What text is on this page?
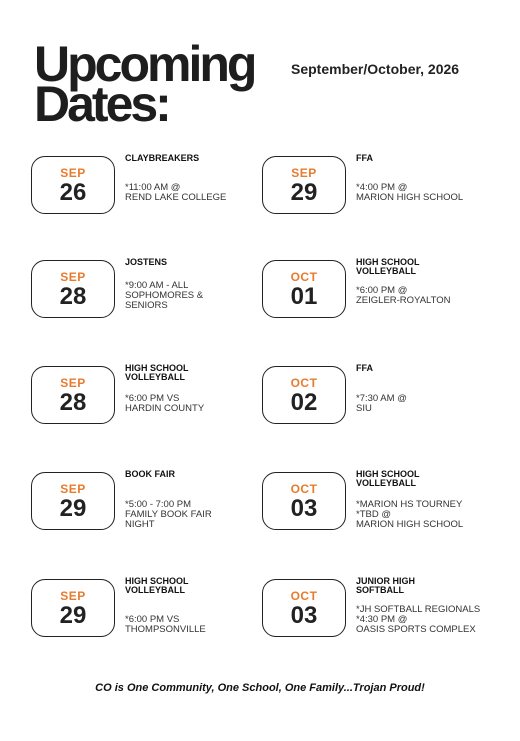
Upcoming
Dates:
September/October, 2026
SEP
26
CLAYBREAKERS
*11:00 AM @
REND LAKE COLLEGE
SEP
29
FFA
*4:00 PM @
MARION HIGH SCHOOL
SEP
28
JOSTENS
*9:00 AM - ALL
SOPHOMORES &
SENIORS
OCT
01
HIGH SCHOOL
VOLLEYBALL
*6:00 PM @
ZEIGLER-ROYALTON
SEP
28
HIGH SCHOOL
VOLLEYBALL
*6:00 PM VS
HARDIN COUNTY
OCT
02
FFA
*7:30 AM @
SIU
SEP
29
BOOK FAIR
*5:00 - 7:00 PM
FAMILY BOOK FAIR
NIGHT
OCT
03
HIGH SCHOOL
VOLLEYBALL
*MARION HS TOURNEY
*TBD @
MARION HIGH SCHOOL
SEP
29
HIGH SCHOOL
VOLLEYBALL
*6:00 PM VS
THOMPSONVILLE
OCT
03
JUNIOR HIGH
SOFTBALL
*JH SOFTBALL REGIONALS
*4:30 PM @
OASIS SPORTS COMPLEX
CO is One Community, One School, One Family...Trojan Proud!
